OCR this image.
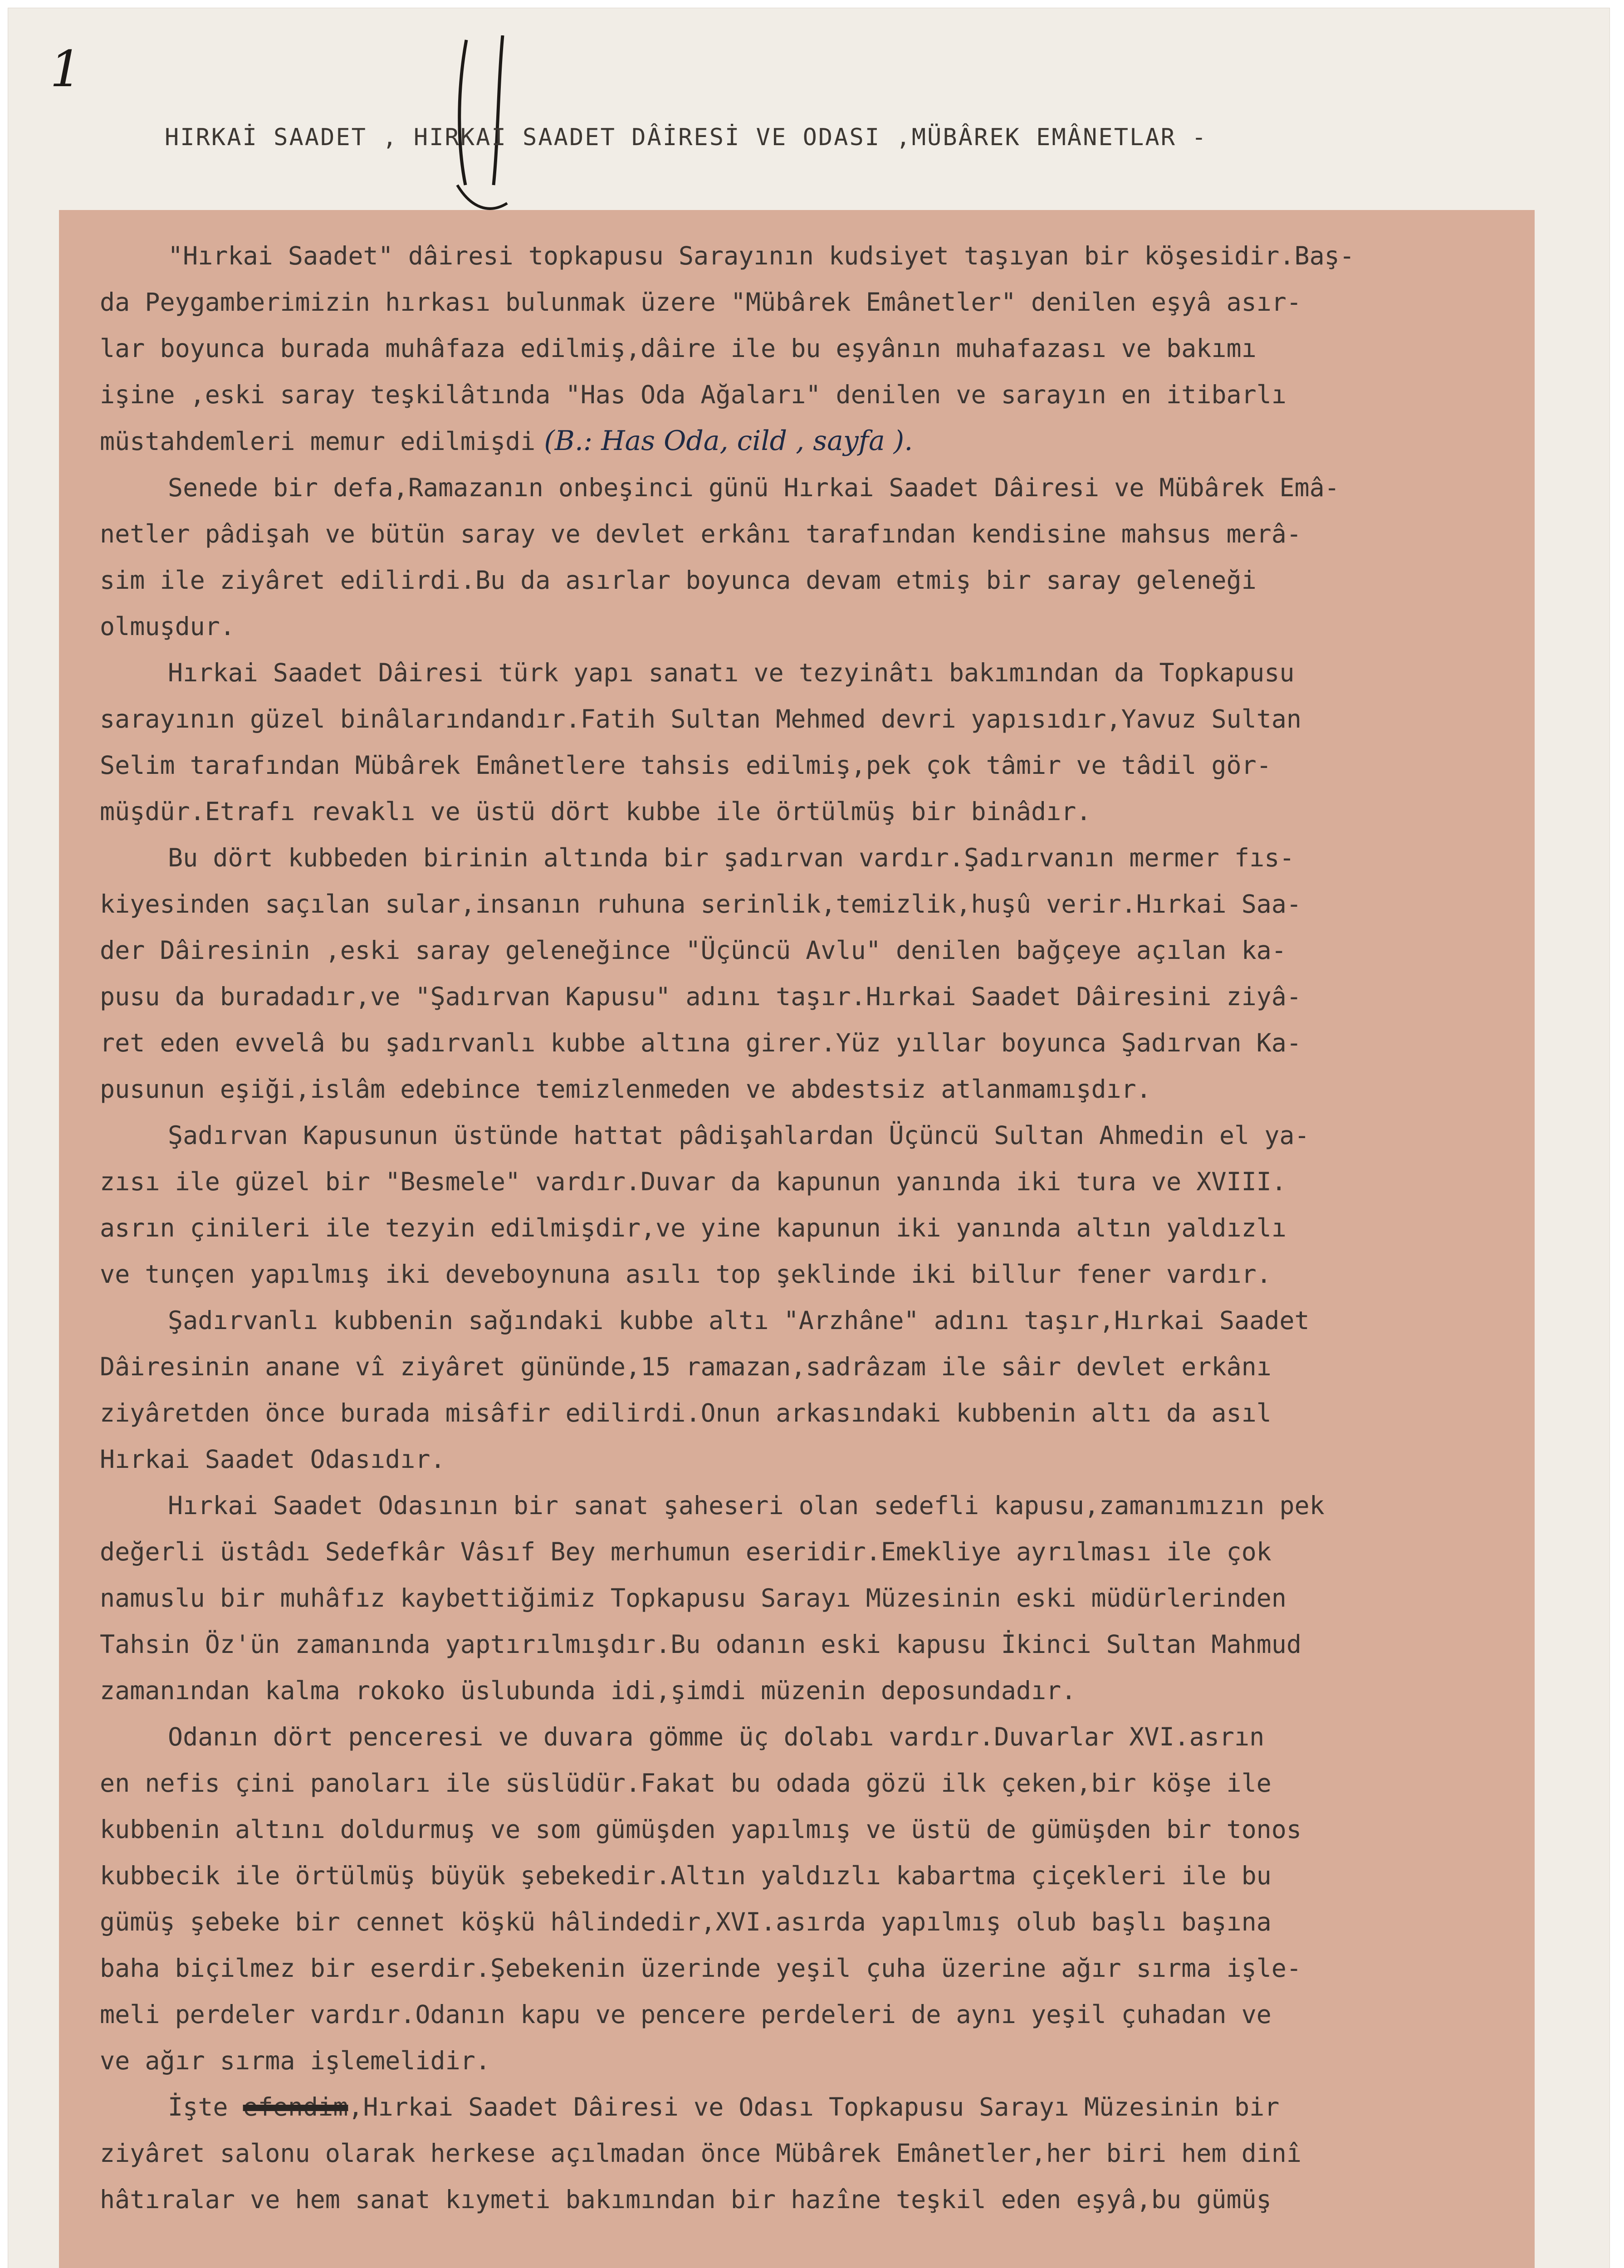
1
HIRKAİ SAADET , HIRKAI SAADET DÂİRESİ VE ODASI ,MÜBÂREK EMÂNETLAR -
"Hırkai Saadet" dâiresi topkapusu Sarayının kudsiyet taşıyan bir köşesidir.Baş-
da Peygamberimizin hırkası bulunmak üzere "Mübârek Emânetler" denilen eşyâ asır-
lar boyunca burada muhâfaza edilmiş,dâire ile bu eşyânın muhafazası ve bakımı
işine ,eski saray teşkilâtında "Has Oda Ağaları" denilen ve sarayın en itibarlı
müstahdemleri memur edilmişdi (B.: Has Oda, cild , sayfa ).
Senede bir defa,Ramazanın onbeşinci günü Hırkai Saadet Dâiresi ve Mübârek Emâ-
netler pâdişah ve bütün saray ve devlet erkânı tarafından kendisine mahsus merâ-
sim ile ziyâret edilirdi.Bu da asırlar boyunca devam etmiş bir saray geleneği
olmuşdur.
Hırkai Saadet Dâiresi türk yapı sanatı ve tezyinâtı bakımından da Topkapusu
sarayının güzel binâlarındandır.Fatih Sultan Mehmed devri yapısıdır,Yavuz Sultan
Selim tarafından Mübârek Emânetlere tahsis edilmiş,pek çok tâmir ve tâdil gör-
müşdür.Etrafı revaklı ve üstü dört kubbe ile örtülmüş bir binâdır.
Bu dört kubbeden birinin altında bir şadırvan vardır.Şadırvanın mermer fıs-
kiyesinden saçılan sular,insanın ruhuna serinlik,temizlik,huşû verir.Hırkai Saa-
der Dâiresinin ,eski saray geleneğince "Üçüncü Avlu" denilen bağçeye açılan ka-
pusu da buradadır,ve "Şadırvan Kapusu" adını taşır.Hırkai Saadet Dâiresini ziyâ-
ret eden evvelâ bu şadırvanlı kubbe altına girer.Yüz yıllar boyunca Şadırvan Ka-
pusunun eşiği,islâm edebince temizlenmeden ve abdestsiz atlanmamışdır.
Şadırvan Kapusunun üstünde hattat pâdişahlardan Üçüncü Sultan Ahmedin el ya-
zısı ile güzel bir "Besmele" vardır.Duvar da kapunun yanında iki tura ve XVIII.
asrın çinileri ile tezyin edilmişdir,ve yine kapunun iki yanında altın yaldızlı
ve tunçen yapılmış iki deveboynuna asılı top şeklinde iki billur fener vardır.
Şadırvanlı kubbenin sağındaki kubbe altı "Arzhâne" adını taşır,Hırkai Saadet
Dâiresinin anane vî ziyâret gününde,15 ramazan,sadrâzam ile sâir devlet erkânı
ziyâretden önce burada misâfir edilirdi.Onun arkasındaki kubbenin altı da asıl
Hırkai Saadet Odasıdır.
Hırkai Saadet Odasının bir sanat şaheseri olan sedefli kapusu,zamanımızın pek
değerli üstâdı Sedefkâr Vâsıf Bey merhumun eseridir.Emekliye ayrılması ile çok
namuslu bir muhâfız kaybettiğimiz Topkapusu Sarayı Müzesinin eski müdürlerinden
Tahsin Öz'ün zamanında yaptırılmışdır.Bu odanın eski kapusu İkinci Sultan Mahmud
zamanından kalma rokoko üslubunda idi,şimdi müzenin deposundadır.
Odanın dört penceresi ve duvara gömme üç dolabı vardır.Duvarlar XVI.asrın
en nefis çini panoları ile süslüdür.Fakat bu odada gözü ilk çeken,bir köşe ile
kubbenin altını doldurmuş ve som gümüşden yapılmış ve üstü de gümüşden bir tonos
kubbecik ile örtülmüş büyük şebekedir.Altın yaldızlı kabartma çiçekleri ile bu
gümüş şebeke bir cennet köşkü hâlindedir,XVI.asırda yapılmış olub başlı başına
baha biçilmez bir eserdir.Şebekenin üzerinde yeşil çuha üzerine ağır sırma işle-
meli perdeler vardır.Odanın kapu ve pencere perdeleri de aynı yeşil çuhadan ve
ve ağır sırma işlemelidir.
İşte efendim,Hırkai Saadet Dâiresi ve Odası Topkapusu Sarayı Müzesinin bir
ziyâret salonu olarak herkese açılmadan önce Mübârek Emânetler,her biri hem dinî
hâtıralar ve hem sanat kıymeti bakımından bir hazîne teşkil eden eşyâ,bu gümüş
